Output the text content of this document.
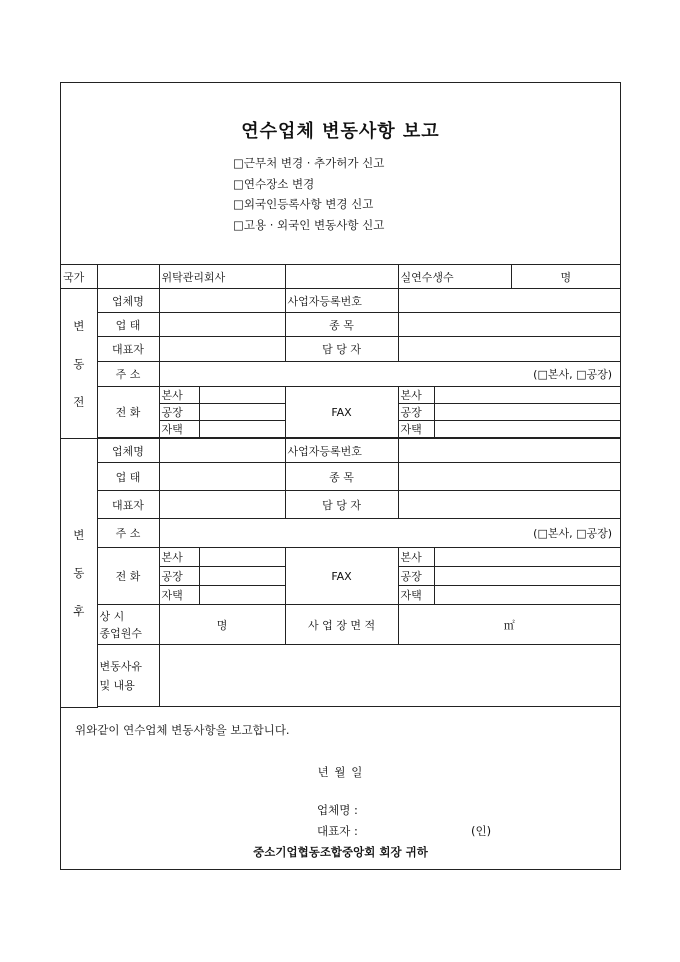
연수업체 변동사항 보고
□근무처 변경 · 추가허가 신고
□연수장소 변경
□외국인등록사항 변경 신고
□고용 · 외국인 변동사항 신고
국가		위탁관리회사			실연수생수		명

변
동
전	업체명			사업자등록번호			
	업 태			종 목			
	대표자			담 당 자			
	주 소	(□본사, □공장)					
	전 화	본사		FAX	본사		
		공장			공장		
		자택			자택		

변
동
후	업체명			사업자등록번호			
	업 태			종 목			
	대표자			담 당 자			
	주 소	(□본사, □공장)					
	전 화	본사		FAX	본사		
		공장			공장		
		자택			자택		

	상 시
종업원수	명		사 업 장 면 적	㎡		

	변동사유
및 내용						

위와같이 연수업체 변동사항을 보고합니다.
년 월 일
업체명 :
대표자 :	(인)
중소기업협동조합중앙회 회장 귀하
